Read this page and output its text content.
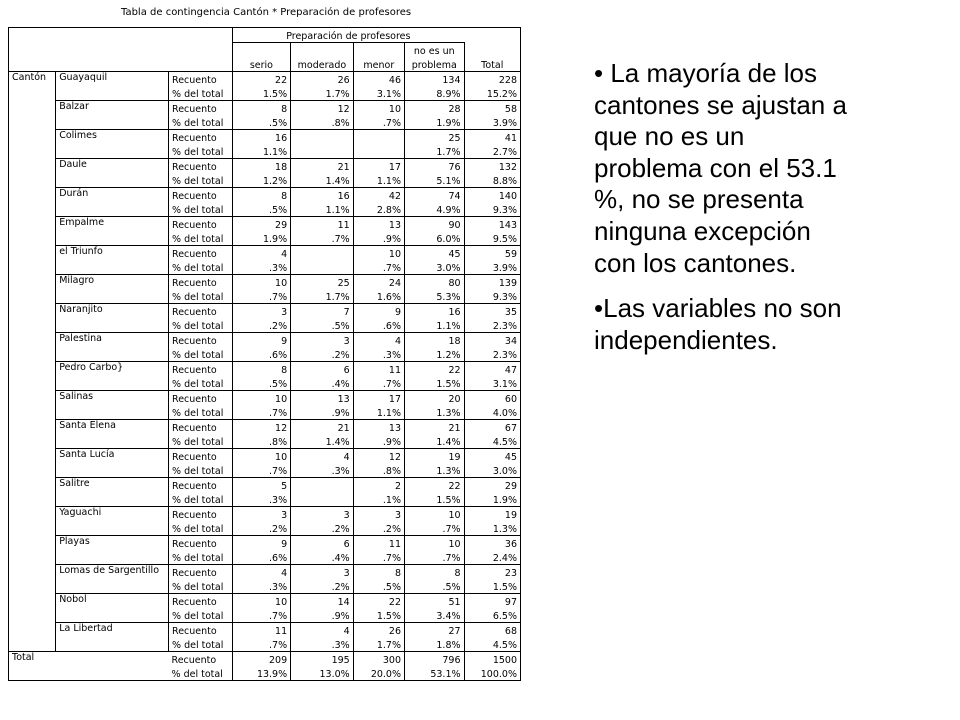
Tabla de contingencia Cantón * Preparación de profesores
			Preparación de profesores				
						no es un	
			serio	moderado	menor	problema	Total
Cantón	Guayaquil	Recuento	22	26	46	134	228
		% del total	1.5%	1.7%	3.1%	8.9%	15.2%
	Balzar	Recuento	8	12	10	28	58
		% del total	.5%	.8%	.7%	1.9%	3.9%
	Colimes	Recuento	16			25	41
		% del total	1.1%			1.7%	2.7%
	Daule	Recuento	18	21	17	76	132
		% del total	1.2%	1.4%	1.1%	5.1%	8.8%
	Durán	Recuento	8	16	42	74	140
		% del total	.5%	1.1%	2.8%	4.9%	9.3%
	Empalme	Recuento	29	11	13	90	143
		% del total	1.9%	.7%	.9%	6.0%	9.5%
	el Triunfo	Recuento	4		10	45	59
		% del total	.3%		.7%	3.0%	3.9%
	Milagro	Recuento	10	25	24	80	139
		% del total	.7%	1.7%	1.6%	5.3%	9.3%
	Naranjito	Recuento	3	7	9	16	35
		% del total	.2%	.5%	.6%	1.1%	2.3%
	Palestina	Recuento	9	3	4	18	34
		% del total	.6%	.2%	.3%	1.2%	2.3%
	Pedro Carbo}	Recuento	8	6	11	22	47
		% del total	.5%	.4%	.7%	1.5%	3.1%
	Salinas	Recuento	10	13	17	20	60
		% del total	.7%	.9%	1.1%	1.3%	4.0%
	Santa Elena	Recuento	12	21	13	21	67
		% del total	.8%	1.4%	.9%	1.4%	4.5%
	Santa Lucía	Recuento	10	4	12	19	45
		% del total	.7%	.3%	.8%	1.3%	3.0%
	Salitre	Recuento	5		2	22	29
		% del total	.3%		.1%	1.5%	1.9%
	Yaguachi	Recuento	3	3	3	10	19
		% del total	.2%	.2%	.2%	.7%	1.3%
	Playas	Recuento	9	6	11	10	36
		% del total	.6%	.4%	.7%	.7%	2.4%
	Lomas de Sargentillo	Recuento	4	3	8	8	23
		% del total	.3%	.2%	.5%	.5%	1.5%
	Nobol	Recuento	10	14	22	51	97
		% del total	.7%	.9%	1.5%	3.4%	6.5%
	La Libertad	Recuento	11	4	26	27	68
		% del total	.7%	.3%	1.7%	1.8%	4.5%
Total		Recuento	209	195	300	796	1500
		% del total	13.9%	13.0%	20.0%	53.1%	100.0%

• La mayoría de los cantones se ajustan a que no es un problema con el 53.1 %, no se presenta ninguna excepción con los cantones.

•Las variables no son independientes.
